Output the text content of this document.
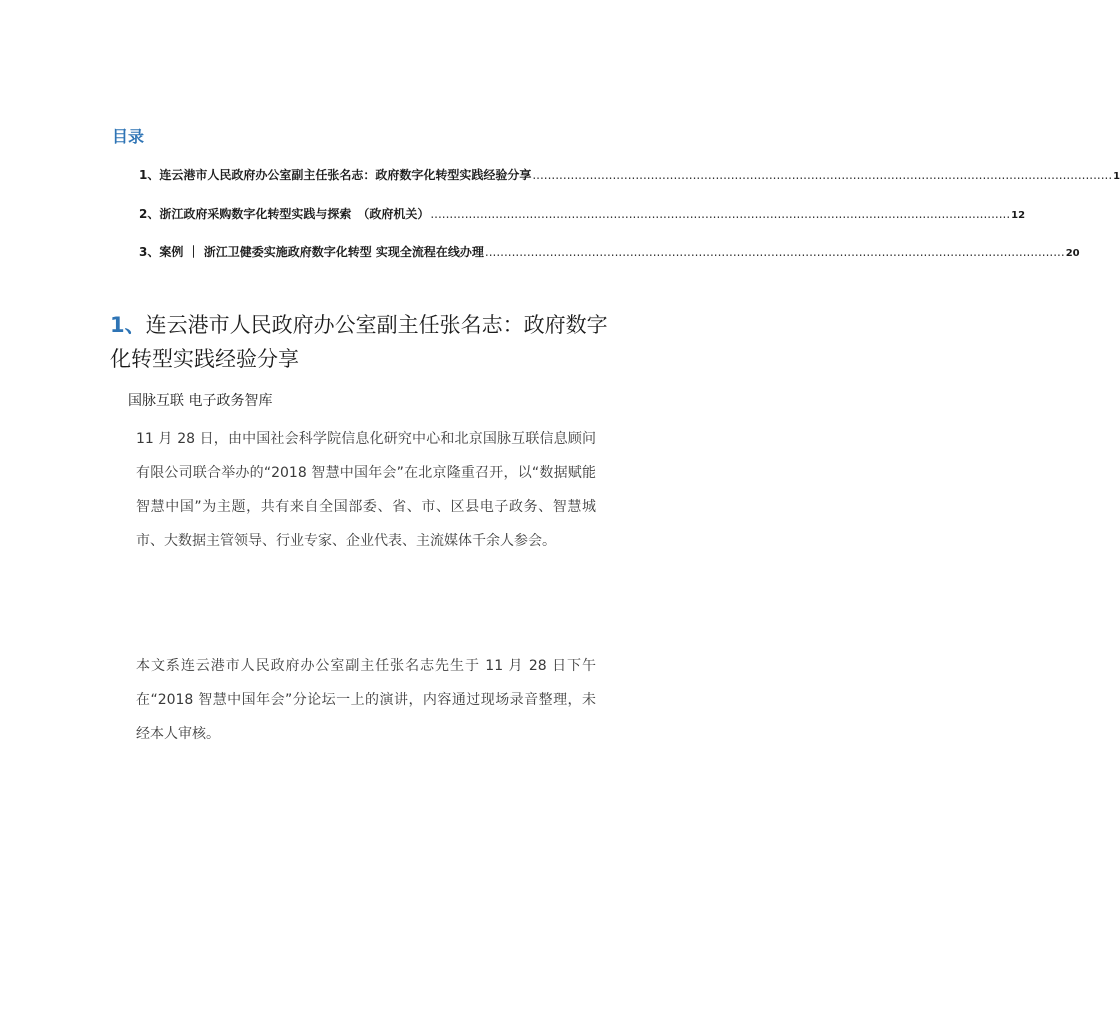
目录
1、连云港市人民政府办公室副主任张名志：政府数字化转型实践经验分享 .....	1
2、浙江政府采购数字化转型实践与探索　（政府机关） .....	12
3、案例 ｜ 浙江卫健委实施政府数字化转型 实现全流程在线办理 .....	20
1、连云港市人民政府办公室副主任张名志：政府数字化转型实践经验分享
国脉互联 电子政务智库

11 月 28 日，由中国社会科学院信息化研究中心和北京国脉互联信息顾问有限公司联合举办的“2018 智慧中国年会”在北京隆重召开，以“数据赋能 智慧中国”为主题，共有来自全国部委、省、市、区县电子政务、智慧城市、大数据主管领导、行业专家、企业代表、主流媒体千余人参会。

本文系连云港市人民政府办公室副主任张名志先生于 11 月 28 日下午在“2018 智慧中国年会”分论坛一上的演讲，内容通过现场录音整理，未经本人审核。
